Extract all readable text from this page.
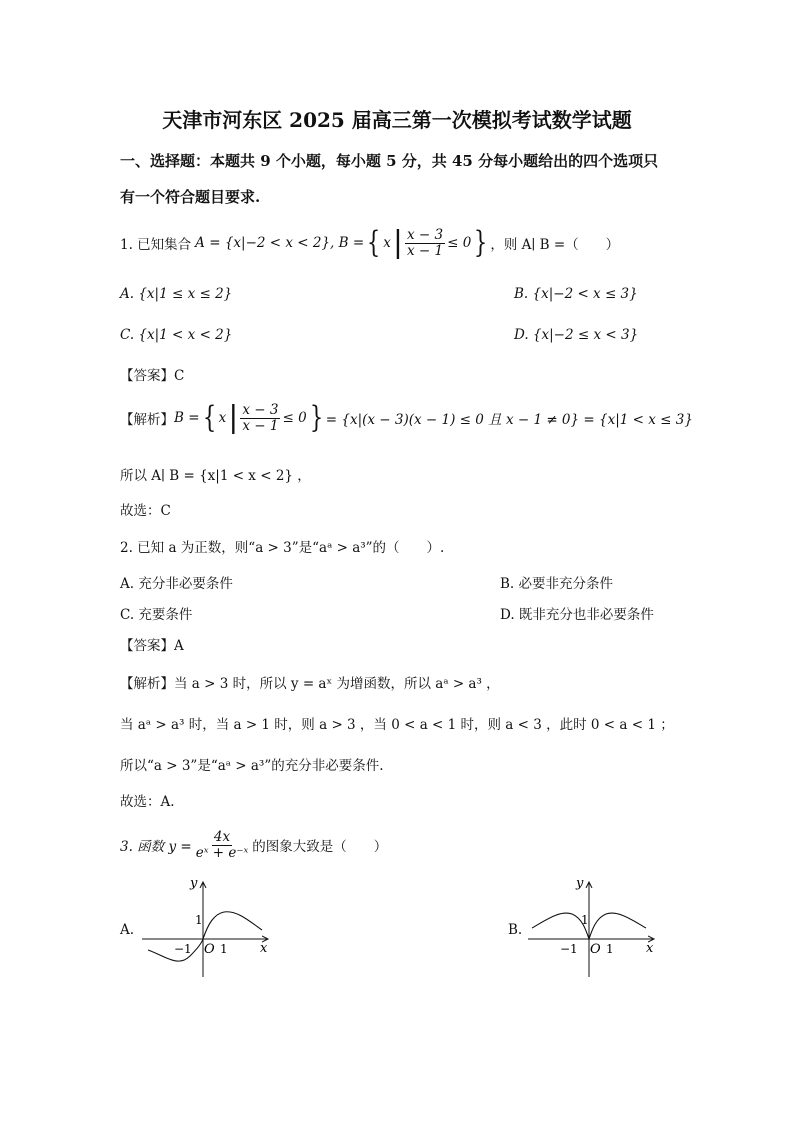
天津市河东区 2025 届高三第一次模拟考试数学试题
一、选择题：本题共 9 个小题，每小题 5 分，共 45 分每小题给出的四个选项只
有一个符合题目要求.
1. 已知集合 A = {x|−2 < x < 2} , B = { x | $\frac{x - 3}{x - 1} \le 0$ } ，则 A∣ B =（　　）
A. {x|1 ≤ x ≤ 2}	B. {x|−2 < x ≤ 3}
C. {x|1 < x < 2}	D. {x|−2 ≤ x < 3}
【答案】C
【解析】 B = { x | $\frac{x - 3}{x - 1} \le 0$ } = {x|(x − 3)(x − 1) ≤ 0 且 x − 1 ≠ 0} = {x|1 < x ≤ 3}
所以 A∣ B = {x|1 < x < 2} ，
故选：C
2. 已知 a 为正数，则“a > 3”是“aᵃ > a³”的（　　）.
A. 充分非必要条件	B. 必要非充分条件
C. 充要条件	D. 既非充分也非必要条件
【答案】A
【解析】当 a > 3 时，所以 y = aˣ 为增函数，所以 aᵃ > a³ ，
当 aᵃ > a³ 时，当 a > 1 时，则 a > 3 ，当 0 < a < 1 时，则 a < 3 ，此时 0 < a < 1 ；
所以“a > 3”是“aᵃ > a³”的充分非必要条件.
故选：A.
3. 函数 $y = \frac{4x}{\text{eˣ + e⁻ˣ}}$ 的图象大致是（　　）
A.
y
x
O
1
−1 1
B.
y
x
O
1
−1 1
